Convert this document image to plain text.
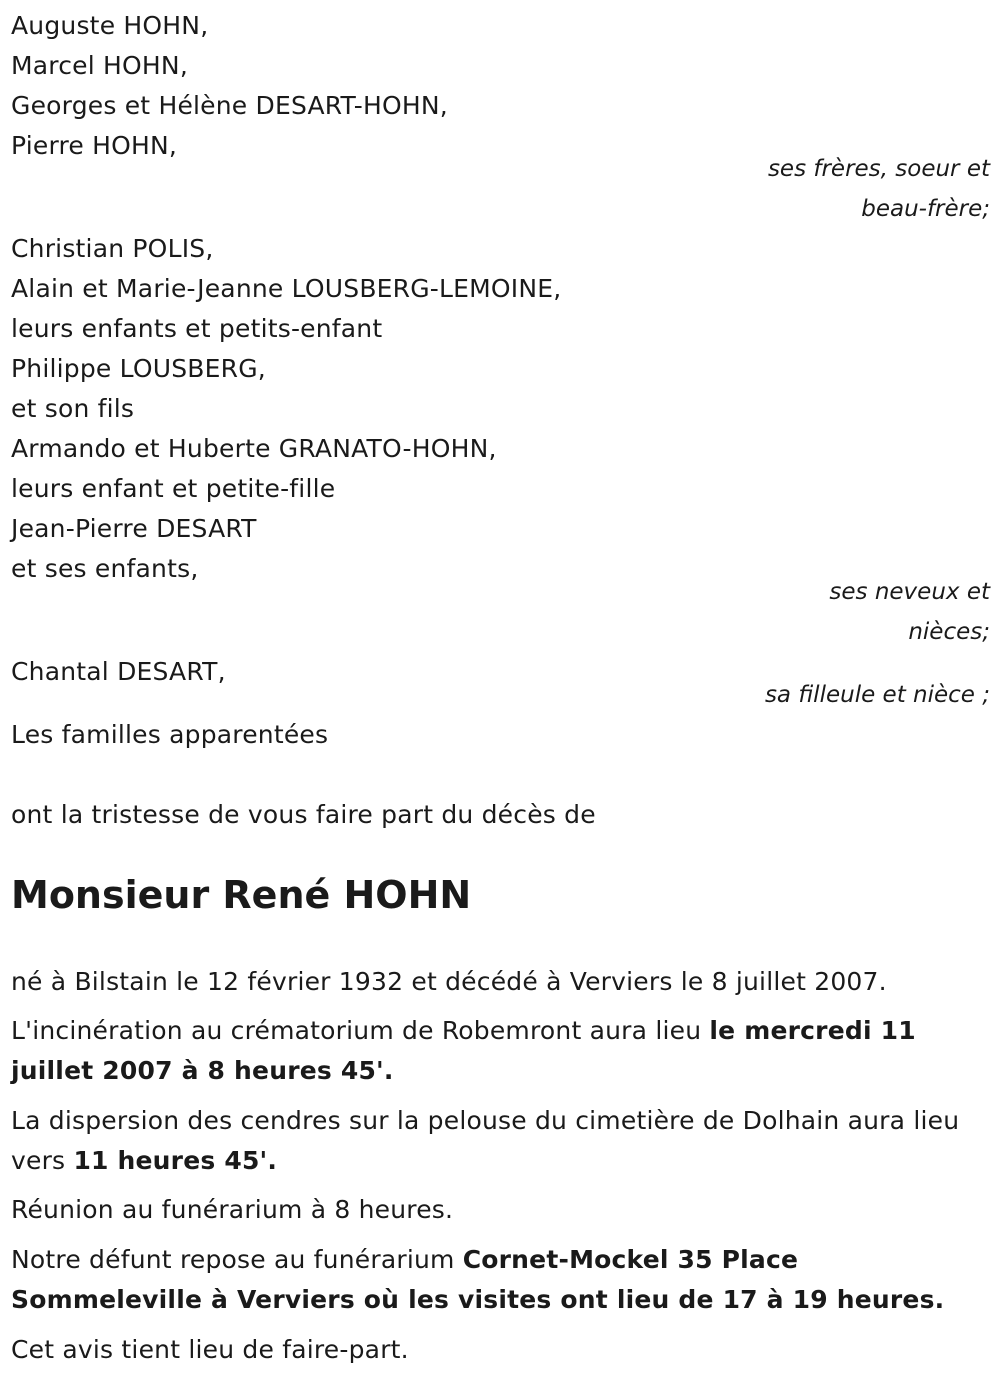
Auguste HOHN,
Marcel HOHN,
Georges et Hélène DESART-HOHN,
Pierre HOHN,
ses frères, soeur et
beau-frère;
Christian POLIS,
Alain et Marie-Jeanne LOUSBERG-LEMOINE,
leurs enfants et petits-enfant
Philippe LOUSBERG,
et son fils
Armando et Huberte GRANATO-HOHN,
leurs enfant et petite-fille
Jean-Pierre DESART
et ses enfants,
ses neveux et
nièces;
Chantal DESART,
sa filleule et nièce ;
Les familles apparentées
ont la tristesse de vous faire part du décès de
Monsieur René HOHN
né à Bilstain le 12 février 1932 et décédé à Verviers le 8 juillet 2007.
L'incinération au crématorium de Robemront aura lieu le mercredi 11 juillet 2007 à 8 heures 45'.
La dispersion des cendres sur la pelouse du cimetière de Dolhain aura lieu vers 11 heures 45'.
Réunion au funérarium à 8 heures.
Notre défunt repose au funérarium Cornet-Mockel 35 Place Sommeleville à Verviers où les visites ont lieu de 17 à 19 heures.
Cet avis tient lieu de faire-part.
